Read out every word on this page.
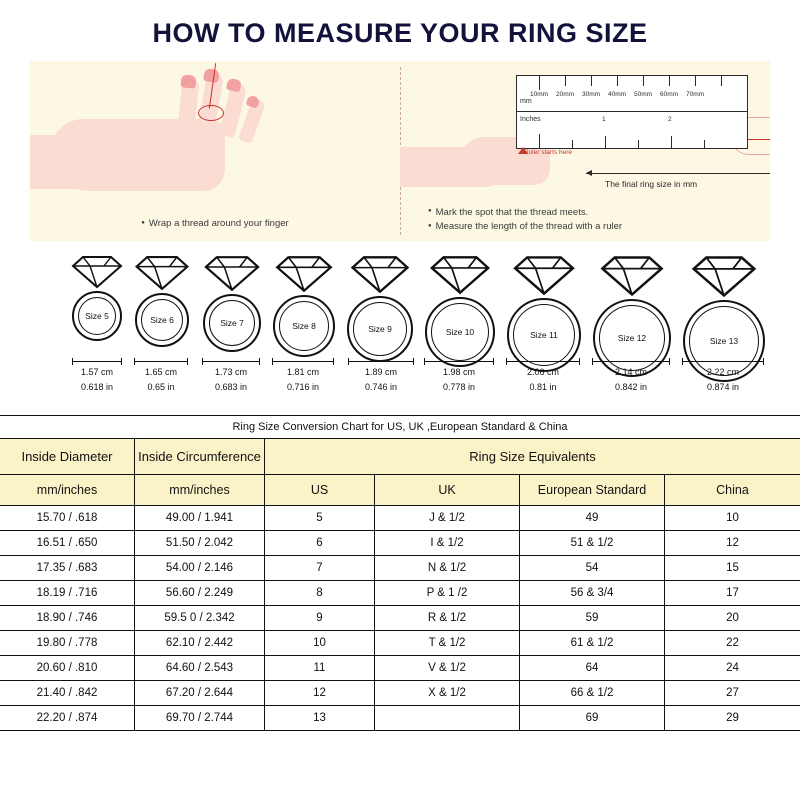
HOW TO MEASURE YOUR RING SIZE
● Wrap a thread around your finger
10mm 20mm 30mm 40mm 50mm 60mm 70mm
1	2
mm
Inches
Ruler starts here
The final ring size in mm
● Mark the spot that the thread meets.
● Measure the length of the thread with a ruler
Size 5	Size 6	Size 7	Size 8	Size 9	Size 10	Size 11	Size 12	Size 13
1.57 cm
0.618 in
1.65 cm
0.65 in
1.73 cm
0.683 in
1.81 cm
0.716 in
1.89 cm
0.746 in
1.98 cm
0.778 in
2.06 cm
0.81 in
2.14 cm
0.842 in
2.22 cm
0.874 in
Ring Size Conversion Chart for US, UK ,European Standard & China					
Inside Diameter	Inside Circumference	Ring Size Equivalents			
mm/inches	mm/inches	US	UK	European Standard	China
15.70 / .618	49.00 / 1.941	5	J & 1/2	49	10
16.51 / .650	51.50 / 2.042	6	I & 1/2	51 & 1/2	12
17.35 / .683	54.00 / 2.146	7	N & 1/2	54	15
18.19 / .716	56.60 / 2.249	8	P & 1 /2	56 & 3/4	17
18.90 / .746	59.5 0 / 2.342	9	R & 1/2	59	20
19.80 / .778	62.10 / 2.442	10	T & 1/2	61 & 1/2	22
20.60 / .810	64.60 / 2.543	11	V & 1/2	64	24
21.40 / .842	67.20 / 2.644	12	X & 1/2	66 & 1/2	27
22.20 / .874	69.70 / 2.744	13		69	29
